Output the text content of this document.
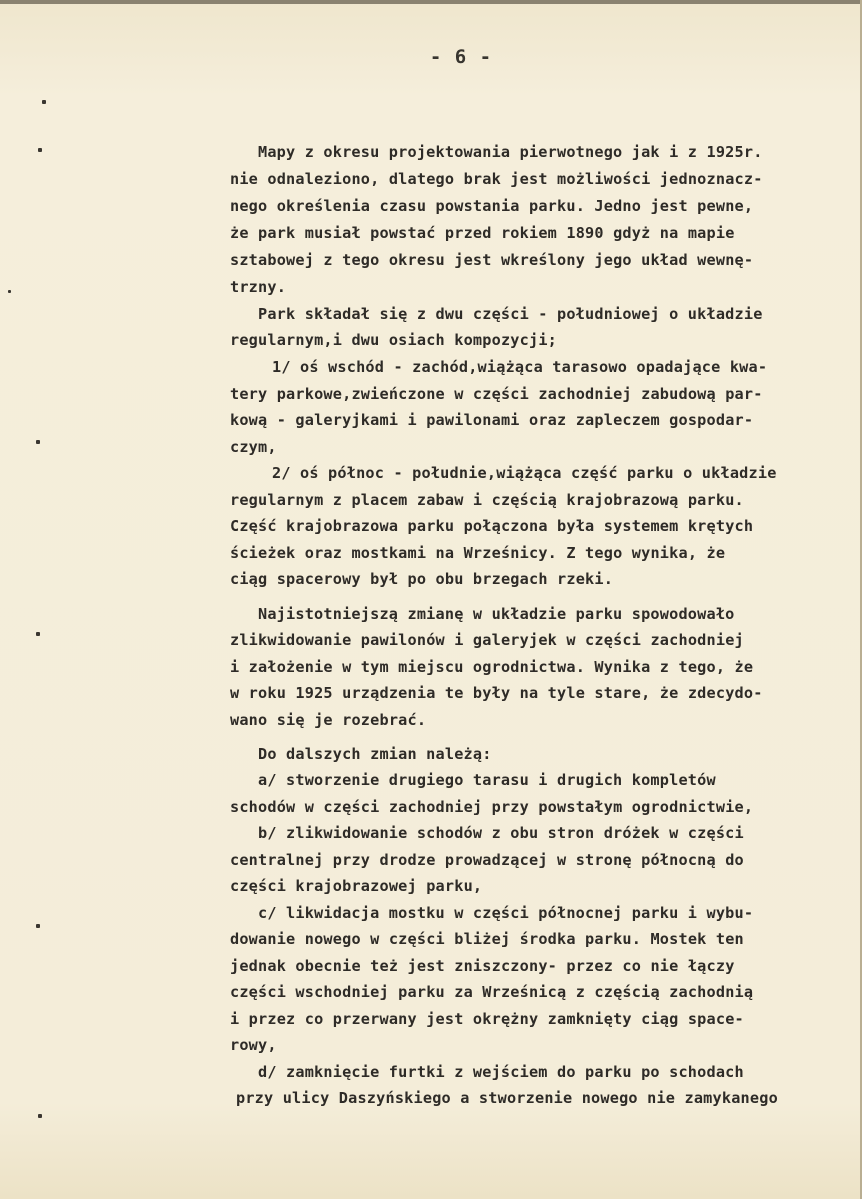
- 6 -
Mapy z okresu projektowania pierwotnego jak i z 1925r.
nie odnaleziono, dlatego brak jest możliwości jednoznacz-
nego określenia czasu powstania parku. Jedno jest pewne,
że park musiał powstać przed rokiem 1890 gdyż na mapie
sztabowej z tego okresu jest wkreślony jego układ wewnę-
trzny.
Park składał się z dwu części - południowej o układzie
regularnym,i dwu osiach kompozycji;
1/ oś wschód - zachód,wiążąca tarasowo opadające kwa-
tery parkowe,zwieńczone w części zachodniej zabudową par-
kową - galeryjkami i pawilonami oraz zapleczem gospodar-
czym,
2/ oś północ - południe,wiążąca część parku o układzie
regularnym z placem zabaw i częścią krajobrazową parku.
Część krajobrazowa parku połączona była systemem krętych
ścieżek oraz mostkami na Wrześnicy. Z tego wynika, że
ciąg spacerowy był po obu brzegach rzeki.
Najistotniejszą zmianę w układzie parku spowodowało
zlikwidowanie pawilonów i galeryjek w części zachodniej
i założenie w tym miejscu ogrodnictwa. Wynika z tego, że
w roku 1925 urządzenia te były na tyle stare, że zdecydo-
wano się je rozebrać.
Do dalszych zmian należą:
a/ stworzenie drugiego tarasu i drugich kompletów
schodów w części zachodniej przy powstałym ogrodnictwie,
b/ zlikwidowanie schodów z obu stron dróżek w części
centralnej przy drodze prowadzącej w stronę północną do
części krajobrazowej parku,
c/ likwidacja mostku w części północnej parku i wybu-
dowanie nowego w części bliżej środka parku. Mostek ten
jednak obecnie też jest zniszczony- przez co nie łączy
części wschodniej parku za Wrześnicą z częścią zachodnią
i przez co przerwany jest okrężny zamknięty ciąg space-
rowy,
d/ zamknięcie furtki z wejściem do parku po schodach
przy ulicy Daszyńskiego a stworzenie nowego nie zamykanego
